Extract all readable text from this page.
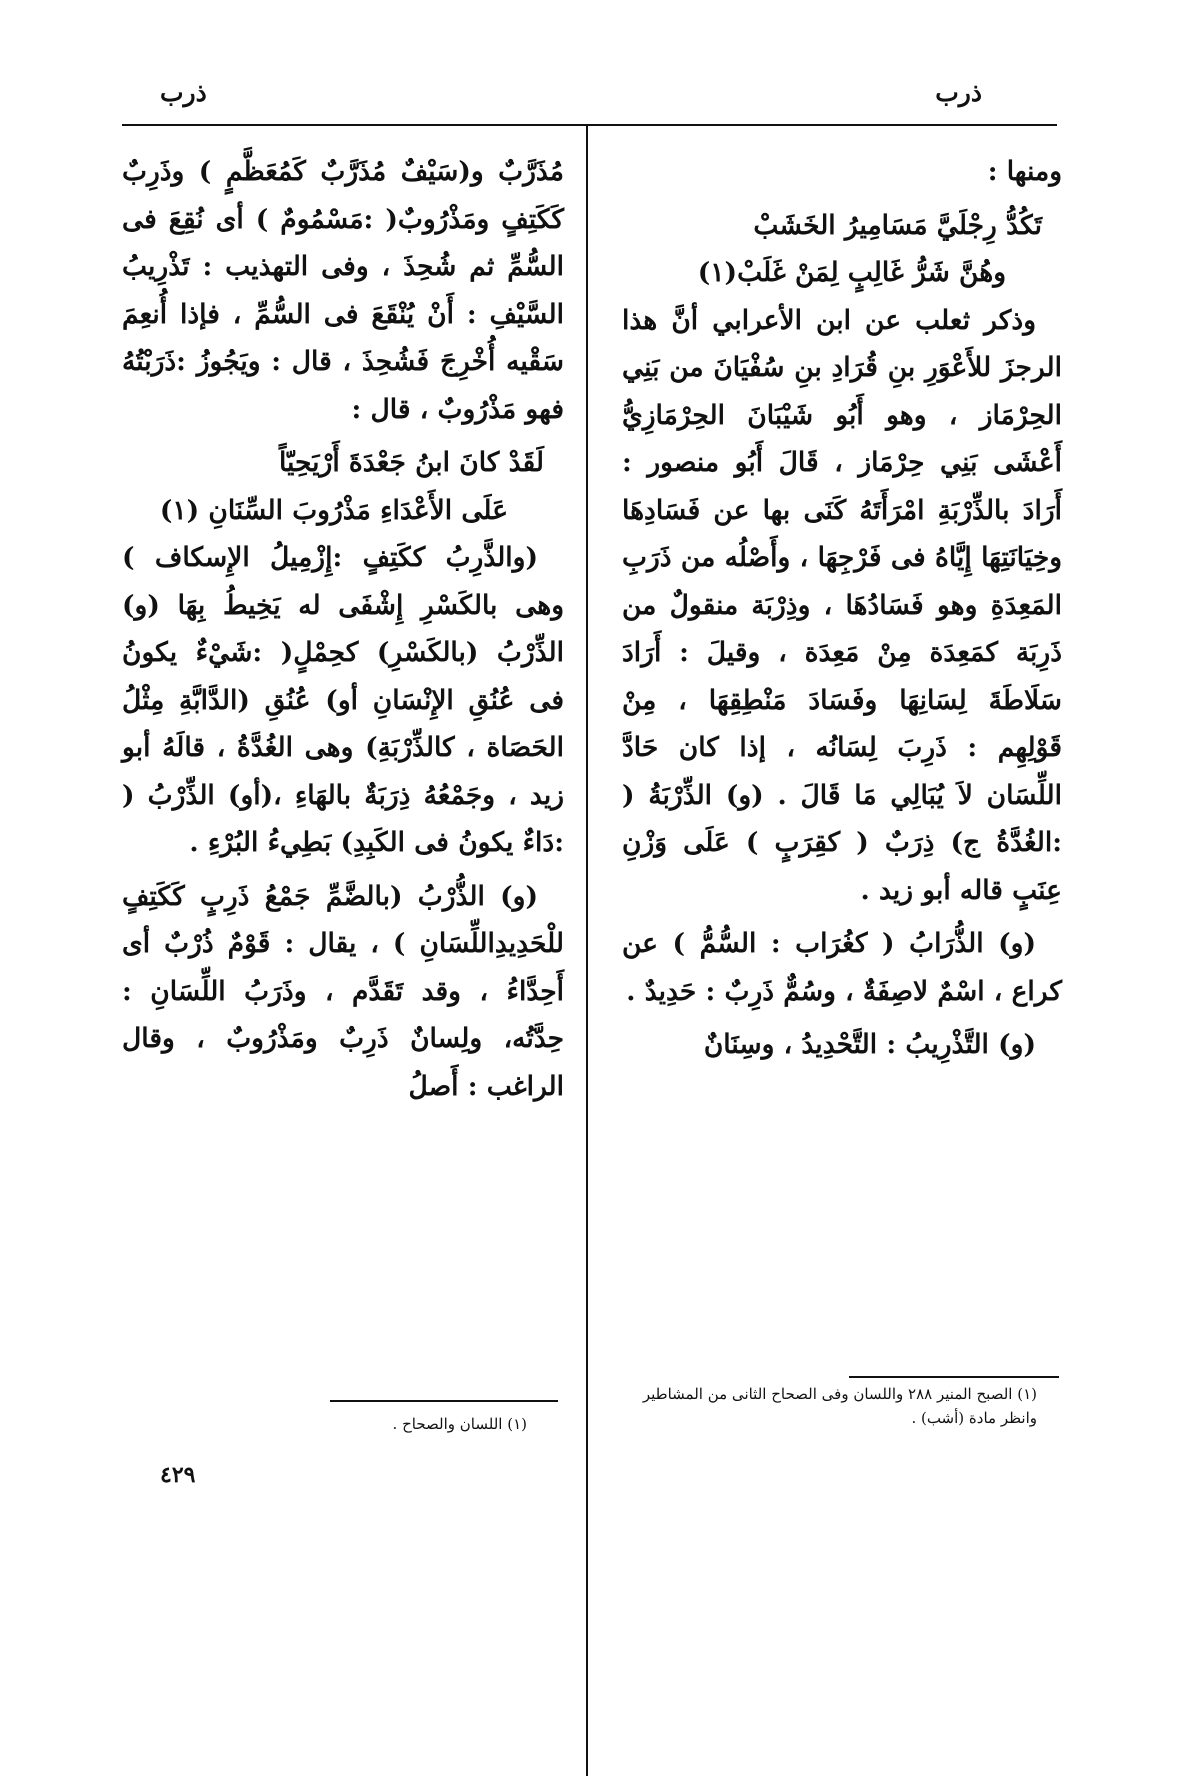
ذرب
ذرب

ومنها :

تَكُدُّ رِجْلَيَّ مَسَامِيرُ الخَشَبْ
وهُنَّ شَرُّ غَالِبٍ لِمَنْ غَلَبْ(١)

وذكر ثعلب عن ابن الأعرابي أنَّ هذا الرجزَ للأَعْوَرِ بنِ قُرَادِ بنِ سُفْيَانَ من بَنِي الحِرْمَاز ، وهو أَبُو شَيْبَانَ الحِرْمَازِيُّ أَعْشَى بَنِي حِرْمَاز ، قَالَ أَبُو منصور : أَرَادَ بالذِّرْبَةِ امْرَأَتَهُ كَنَى بها عن فَسَادِهَا وخِيَانَتِهَا إِيَّاهُ فى فَرْجِهَا ، وأَصْلُه من ذَرَبِ المَعِدَةِ وهو فَسَادُهَا ، وذِرْبَة منقولٌ من ذَرِبَة كمَعِدَة مِنْ مَعِدَة ، وقيلَ : أَرَادَ سَلَاطَةَ لِسَانِهَا وفَسَادَ مَنْطِقِهَا ، مِنْ قَوْلِهِم : ذَرِبَ لِسَانُه ، إذا كان حَادَّ اللِّسَان لاَ يُبَالِي مَا قَالَ . (و) الذِّرْبَةُ ( :الغُدَّةُ ج) ذِرَبٌ ( كقِرَبٍ ) عَلَى وَزْنِ عِنَبٍ قاله أبو زيد .

(و) الذُّرَابُ ( كغُرَاب : السُّمُّ ) عن كراع ، اسْمٌ لاصِفَةٌ ، وسُمٌّ ذَرِبٌ : حَدِيدٌ .

(و) التَّذْرِيبُ : التَّحْدِيدُ ، وسِنَانٌ

مُذَرَّبٌ و(سَيْفٌ مُذَرَّبٌ كَمُعَظَّمٍ ) وذَرِبٌ كَكَتِفٍ ومَذْرُوبٌ( :مَسْمُومٌ ) أى نُقِعَ فى السُّمِّ ثم شُحِذَ ، وفى التهذيب : تَذْرِيبُ السَّيْفِ : أَنْ يُنْقَعَ فى السُّمِّ ، فإذا أُنعِمَ سَقْيه أُخْرِجَ فَشُحِذَ ، قال : ويَجُوزُ :ذَرَبْتُهُ فهو مَذْرُوبٌ ، قال :

لَقَدْ كانَ ابنُ جَعْدَةَ أَرْيَحِيّاً
عَلَى الأَعْدَاءِ مَذْرُوبَ السِّنَانِ (١)

(والذَّرِبُ ككَتِفٍ :إِزْمِيلُ الإِسكاف ) وهى بالكَسْرِ إِشْفَى له يَخِيطُ بِهَا (و) الذِّرْبُ (بالكَسْرِ) كحِمْلٍ( :شَيْءٌ يكونُ فى عُنُقِ الإِنْسَانِ أو) عُنُقِ (الدَّابَّةِ مِثْلُ الحَصَاة ، كالذِّرْبَةِ) وهى الغُدَّةُ ، قالَهُ أبو زيد ، وجَمْعُهُ ذِرَبَةٌ بالهَاءِ ،(أو) الذِّرْبُ ( :دَاءٌ يكونُ فى الكَبِدِ) بَطِيءُ البُرْءِ .

(و) الذُّرْبُ (بالضَّمِّ جَمْعُ ذَرِبٍ كَكَتِفٍ للْحَدِيدِاللِّسَانِ ) ، يقال : قَوْمٌ ذُرْبٌ أى أَحِدَّاءُ ، وقد تَقَدَّم ، وذَرَبُ اللِّسَانِ : حِدَّتُه، ولِسانٌ ذَرِبٌ ومَذْرُوبٌ ، وقال الراغب : أَصلُ

(١) الصبح المنير ٢٨٨ واللسان وفى الصحاح الثانى من المشاطير وانظر مادة (أشب) .
(١) اللسان والصحاح .
٤٢٩
